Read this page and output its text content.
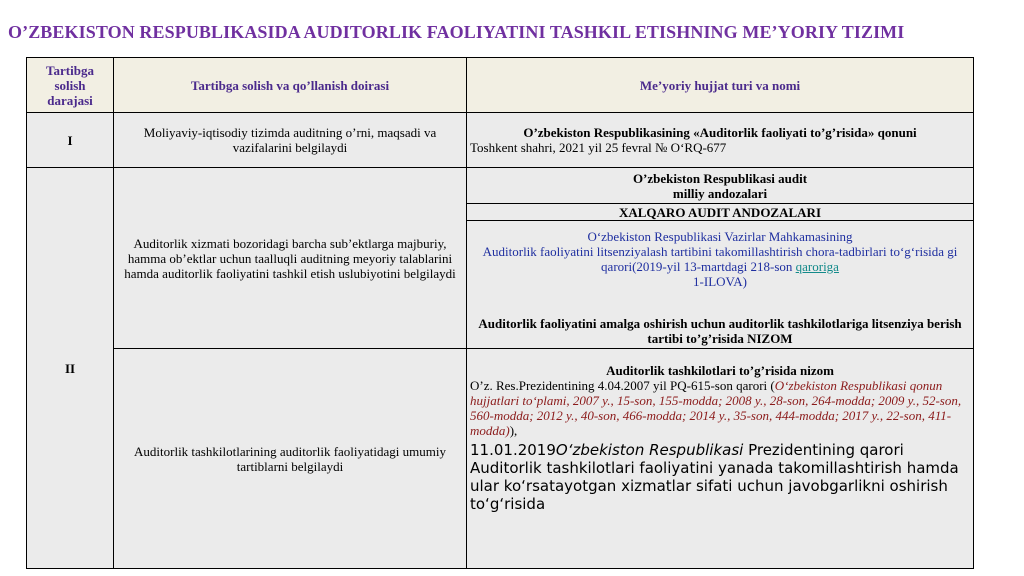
O’ZBEKISTON RESPUBLIKASIDA AUDITORLIK FAOLIYATINI TASHKIL ETISHNING ME’YORIY TIZIMI
Tartibga solish darajasi	Tartibga solish va qo’llanish doirasi	Me’yoriy hujjat turi va nomi
I	Moliyaviy-iqtisodiy tizimda auditning o’rni, maqsadi va vazifalarini belgilaydi	O’zbekiston Respublikasining «Auditorlik faoliyati to’g’risida» qonuni
Toshkent shahri, 2021 yil 25 fevral № O‘RQ-677

II	Auditorlik xizmati bozoridagi barcha sub’ektlarga majburiy, hamma ob’ektlar uchun taalluqli auditning meyoriy talablarini hamda auditorlik faoliyatini tashkil etish uslubiyotini belgilaydi	O’zbekiston Respublikasi audit milliy andozalari
		XALQARO AUDIT ANDOZALARI

		O‘zbekiston Respublikasi Vazirlar Mahkamasining
Auditorlik faoliyatini litsenziyalash tartibini takomillashtirish chora-tadbirlari to‘g‘risida gi qarori(2019-yil 13-martdagi 218-son qaroriga
1-ILOVA)

		Auditorlik faoliyatini amalga oshirish uchun auditorlik tashkilotlariga litsenziya berish tartibi to’g’risida NIZOM
	Auditorlik tashkilotlarining auditorlik faoliyatidagi umumiy tartiblarni belgilaydi	Auditorlik tashkilotlari to’g’risida nizom
O’z. Res.Prezidentining 4.04.2007 yil PQ-615-son qarori (O‘zbekiston Respublikasi qonun hujjatlari to‘plami, 2007 y., 15-son, 155-modda; 2008 y., 28-son, 264-modda; 2009 y., 52-son, 560-modda; 2012 y., 40-son, 466-modda; 2014 y., 35-son, 444-modda; 2017 y., 22-son, 411-modda)),
11.01.2019O‘zbekiston Respublikasi Prezidentining qarori Auditorlik tashkilotlari faoliyatini yanada takomillashtirish hamda ular ko‘rsatayotgan xizmatlar sifati uchun javobgarlikni oshirish to‘g‘risida
